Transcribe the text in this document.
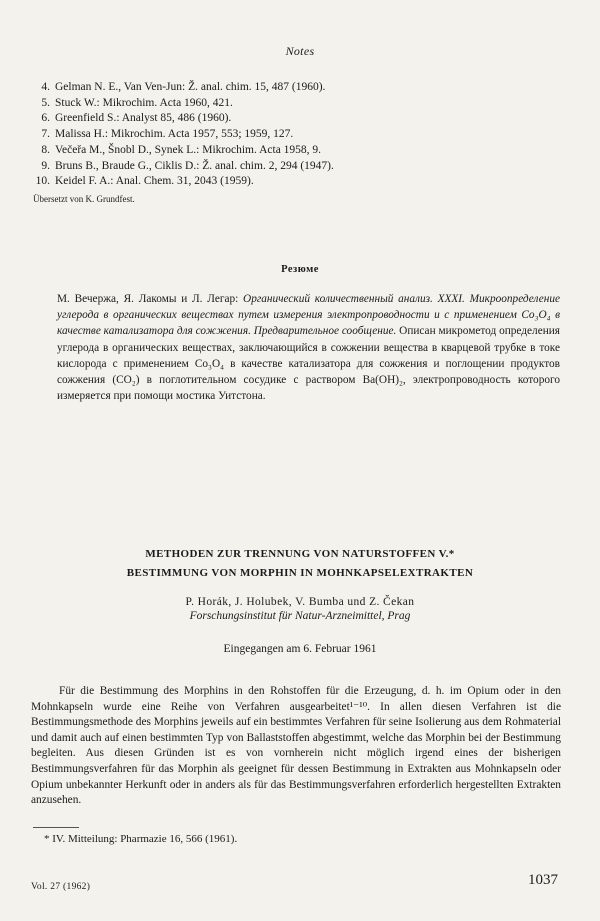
Notes
4. Gelman N. E., Van Ven-Jun: Ž. anal. chim. 15, 487 (1960).
5. Stuck W.: Mikrochim. Acta 1960, 421.
6. Greenfield S.: Analyst 85, 486 (1960).
7. Malissa H.: Mikrochim. Acta 1957, 553; 1959, 127.
8. Večeřa M., Šnobl D., Synek L.: Mikrochim. Acta 1958, 9.
9. Bruns B., Braude G., Ciklis D.: Ž. anal. chim. 2, 294 (1947).
10. Keidel F. A.: Anal. Chem. 31, 2043 (1959).
Übersetzt von K. Grundfest.
Резюме

М. Вечержа, Я. Лакомы и Л. Легар: Органический количественный анализ. XXXI. Микроопределение углерода в органических веществах путем измерения электропроводности и с применением Co₃O₄ в качестве катализатора для сожжения. Предварительное сообщение. Описан микрометод определения углерода в органических веществах, заключающийся в сожжении вещества в кварцевой трубке в токе кислорода с применением Co₃O₄ в качестве катализатора для сожжения и поглощении продуктов сожжения (CO₂) в поглотительном сосудике с раствором Ba(OH)₂, электропроводность которого измеряется при помощи мостика Уитстона.

METHODEN ZUR TRENNUNG VON NATURSTOFFEN V.*
BESTIMMUNG VON MORPHIN IN MOHNKAPSELEXTRAKTEN
P. Horák, J. Holubek, V. Bumba und Z. Čekan
Forschungsinstitut für Natur-Arzneimittel, Prag
Eingegangen am 6. Februar 1961

Für die Bestimmung des Morphins in den Rohstoffen für die Erzeugung, d. h. im Opium oder in den Mohnkapseln wurde eine Reihe von Verfahren ausgearbeitet¹⁻¹⁰. In allen diesen Verfahren ist die Bestimmungsmethode des Morphins jeweils auf ein bestimmtes Verfahren für seine Isolierung aus dem Rohmaterial und damit auch auf einen bestimmten Typ von Ballaststoffen abgestimmt, welche das Morphin bei der Bestimmung begleiten. Aus diesen Gründen ist es von vornherein nicht möglich irgend eines der bisherigen Bestimmungsverfahren für das Morphin als geeignet für dessen Bestimmung in Extrakten aus Mohnkapseln oder Opium unbekannter Herkunft oder in anders als für das Bestimmungsverfahren erforderlich hergestellten Extrakten anzusehen.

* IV. Mitteilung: Pharmazie 16, 566 (1961).
Vol. 27 (1962)	1037
